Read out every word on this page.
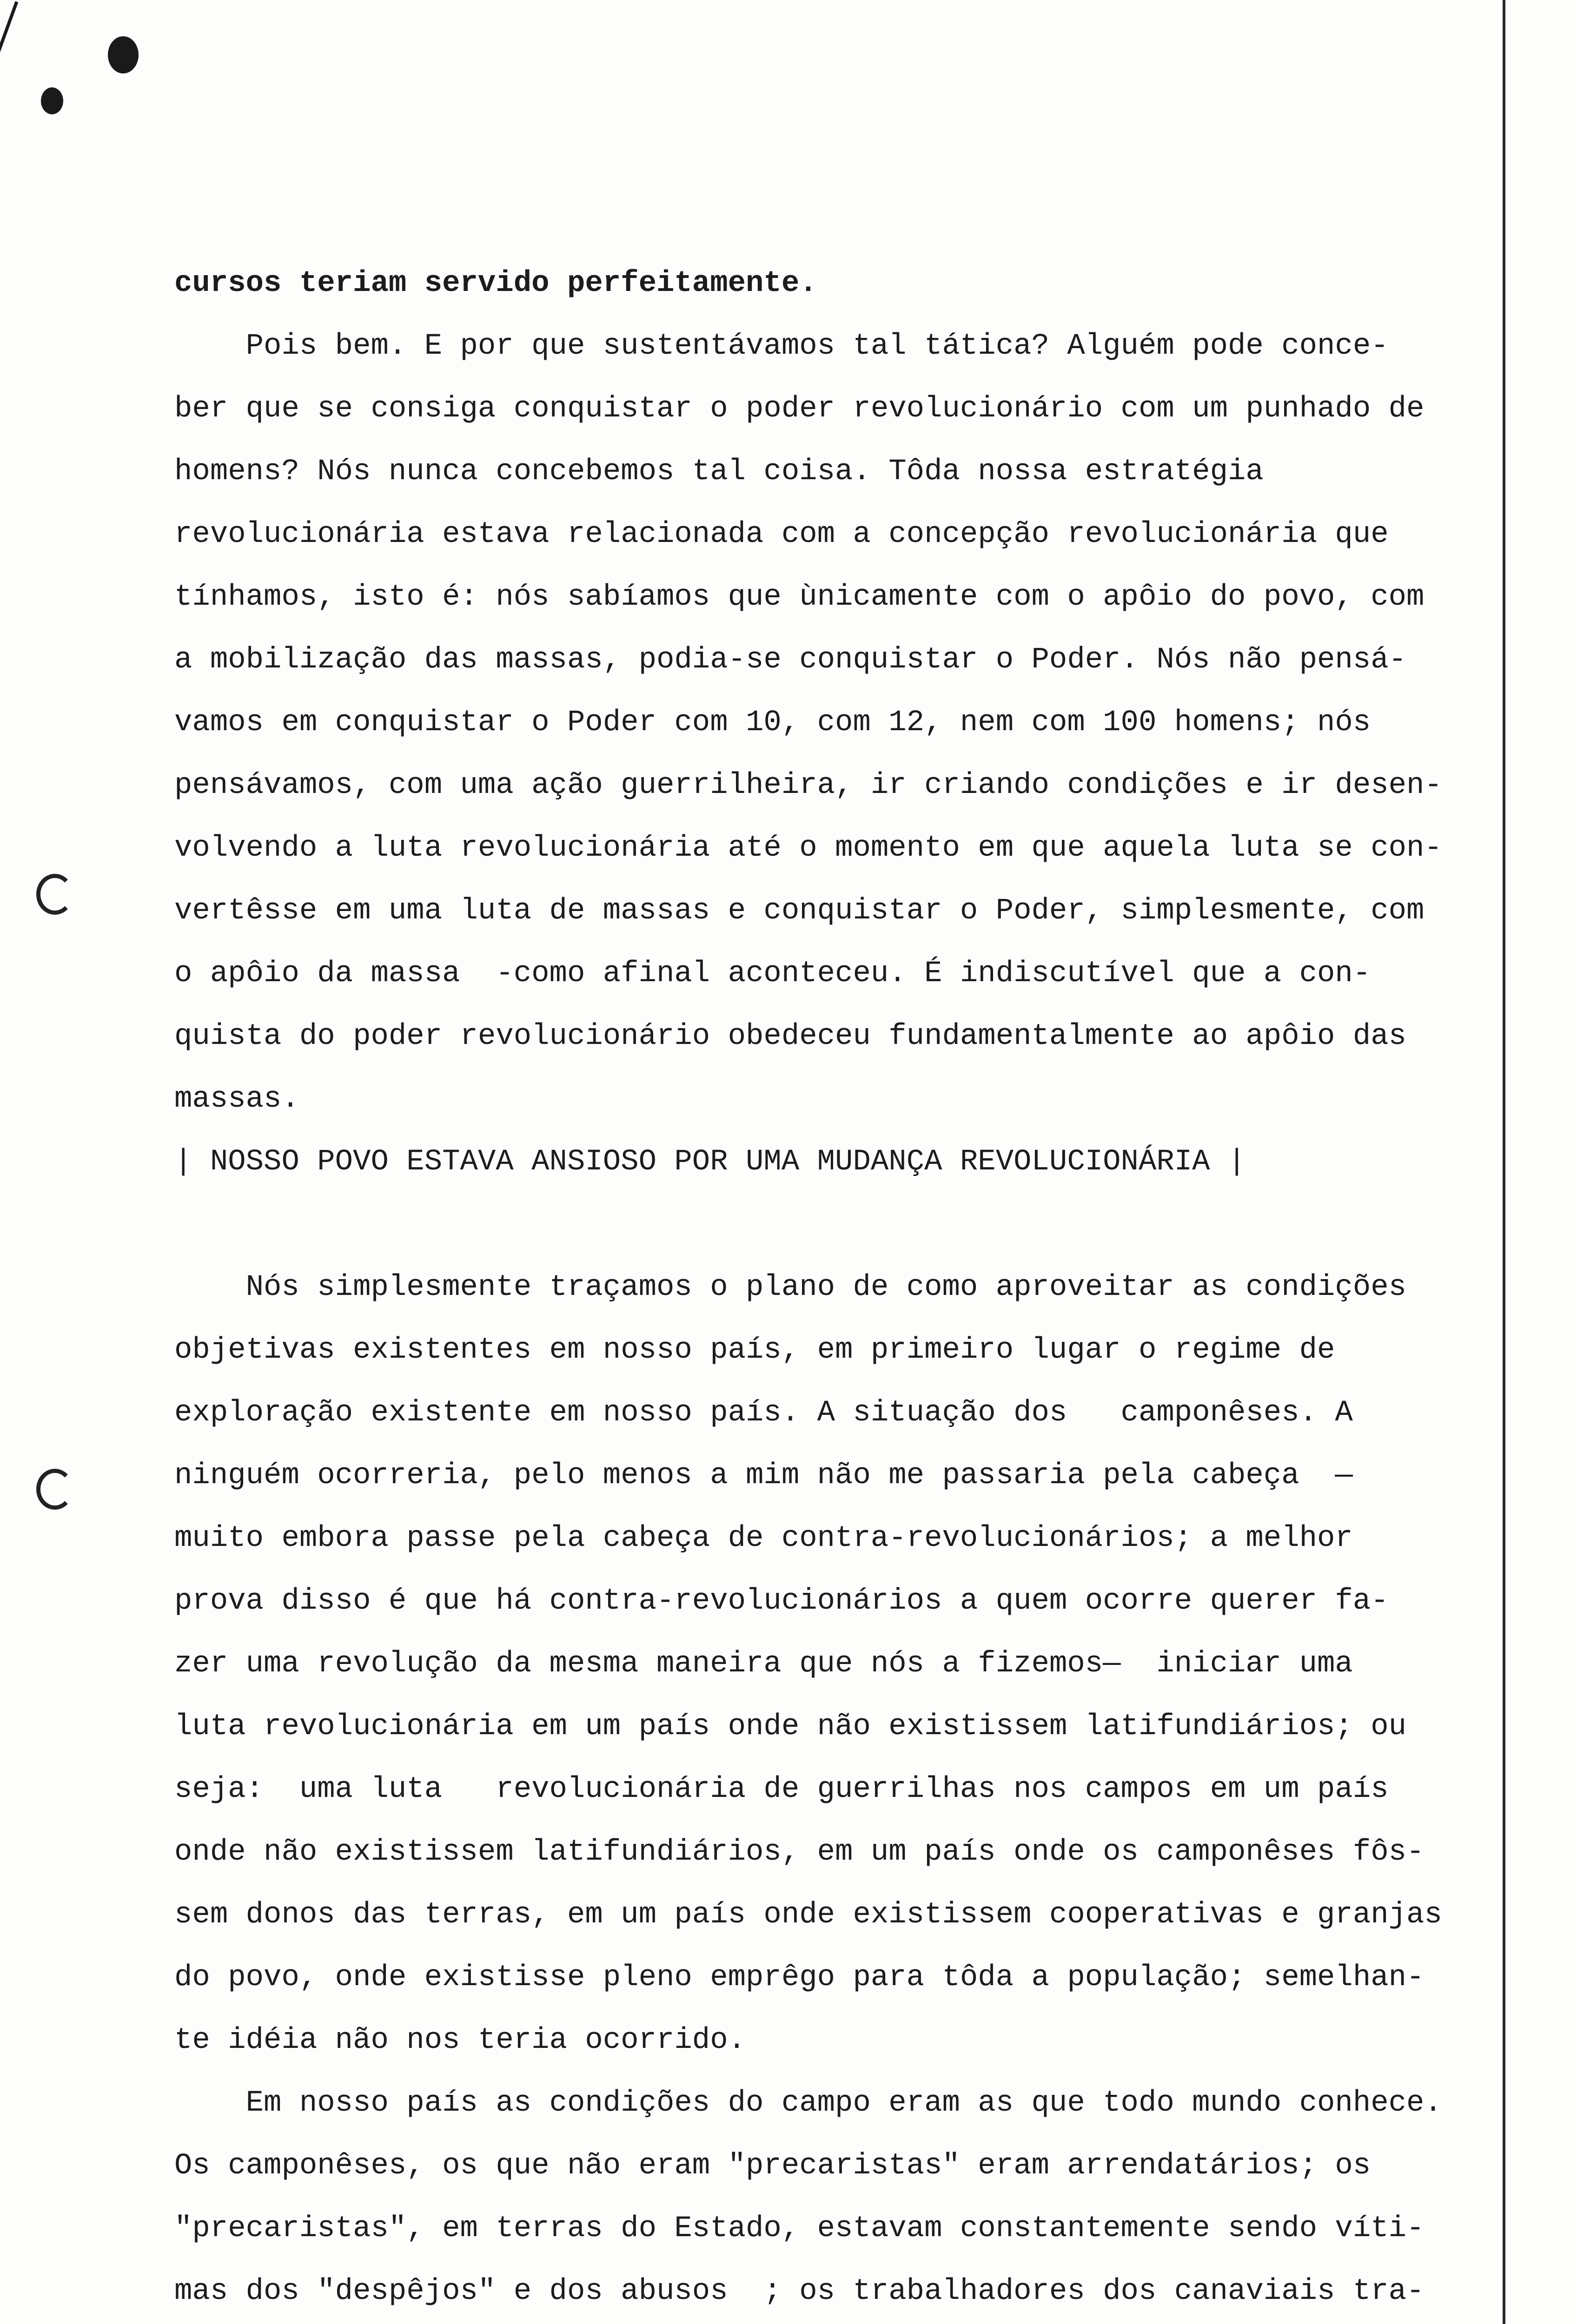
cursos teriam servido perfeitamente.
Pois bem. E por que sustentávamos tal tática? Alguém pode conce-
ber que se consiga conquistar o poder revolucionário com um punhado de
homens? Nós nunca concebemos tal coisa. Tôda nossa estratégia
revolucionária estava relacionada com a concepção revolucionária que
tínhamos, isto é: nós sabíamos que ùnicamente com o apôio do povo, com
a mobilização das massas, podia-se conquistar o Poder. Nós não pensá-
vamos em conquistar o Poder com 10, com 12, nem com 100 homens; nós
pensávamos, com uma ação guerrilheira, ir criando condições e ir desen-
volvendo a luta revolucionária até o momento em que aquela luta se con-
vertêsse em uma luta de massas e conquistar o Poder, simplesmente, com
o apôio da massa  -como afinal aconteceu. É indiscutível que a con-
quista do poder revolucionário obedeceu fundamentalmente ao apôio das
massas.
| NOSSO POVO ESTAVA ANSIOSO POR UMA MUDANÇA REVOLUCIONÁRIA |
Nós simplesmente traçamos o plano de como aproveitar as condições
objetivas existentes em nosso país, em primeiro lugar o regime de
exploração existente em nosso país. A situação dos   camponêses. A
ninguém ocorreria, pelo menos a mim não me passaria pela cabeça  —
muito embora passe pela cabeça de contra-revolucionários; a melhor
prova disso é que há contra-revolucionários a quem ocorre querer fa-
zer uma revolução da mesma maneira que nós a fizemos—  iniciar uma
luta revolucionária em um país onde não existissem latifundiários; ou
seja:  uma luta   revolucionária de guerrilhas nos campos em um país
onde não existissem latifundiários, em um país onde os camponêses fôs-
sem donos das terras, em um país onde existissem cooperativas e granjas
do povo, onde existisse pleno emprêgo para tôda a população; semelhan-
te idéia não nos teria ocorrido.
Em nosso país as condições do campo eram as que todo mundo conhece.
Os camponêses, os que não eram "precaristas" eram arrendatários; os
"precaristas", em terras do Estado, estavam constantemente sendo víti-
mas dos "despêjos" e dos abusos  ; os trabalhadores dos canaviais tra-
